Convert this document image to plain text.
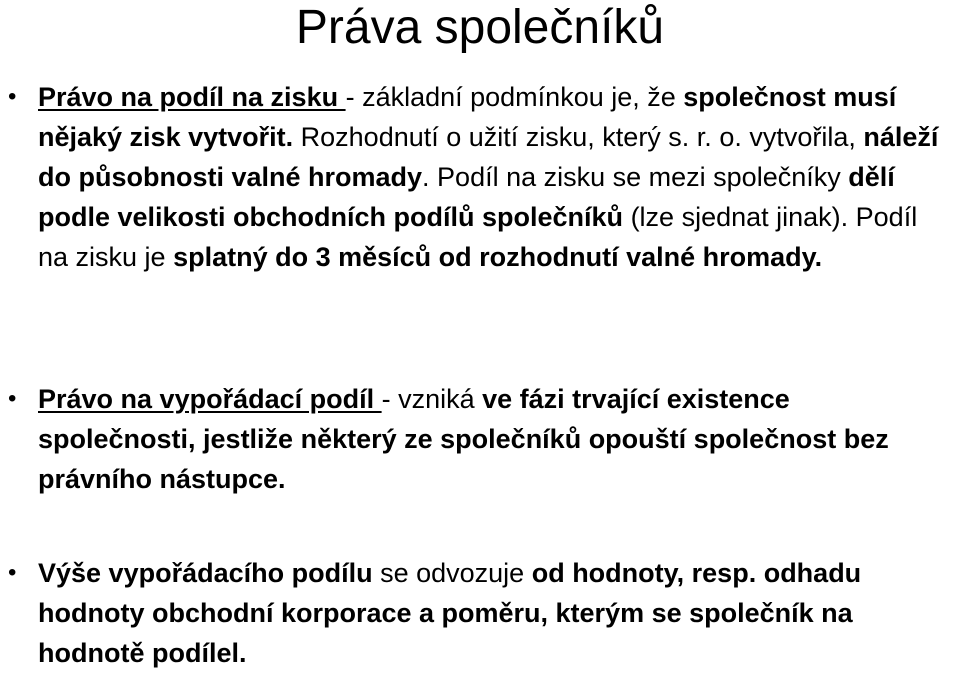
Práva společníků
• Právo na podíl na zisku - základní podmínkou je, že společnost musí nějaký zisk vytvořit. Rozhodnutí o užití zisku, který s. r. o. vytvořila, náleží do působnosti valné hromady. Podíl na zisku se mezi společníky dělí podle velikosti obchodních podílů společníků (lze sjednat jinak). Podíl na zisku je splatný do 3 měsíců od rozhodnutí valné hromady.
• Právo na vypořádací podíl - vzniká ve fázi trvající existence společnosti, jestliže některý ze společníků opouští společnost bez právního nástupce.
• Výše vypořádacího podílu se odvozuje od hodnoty, resp. odhadu hodnoty obchodní korporace a poměru, kterým se společník na hodnotě podílel.
